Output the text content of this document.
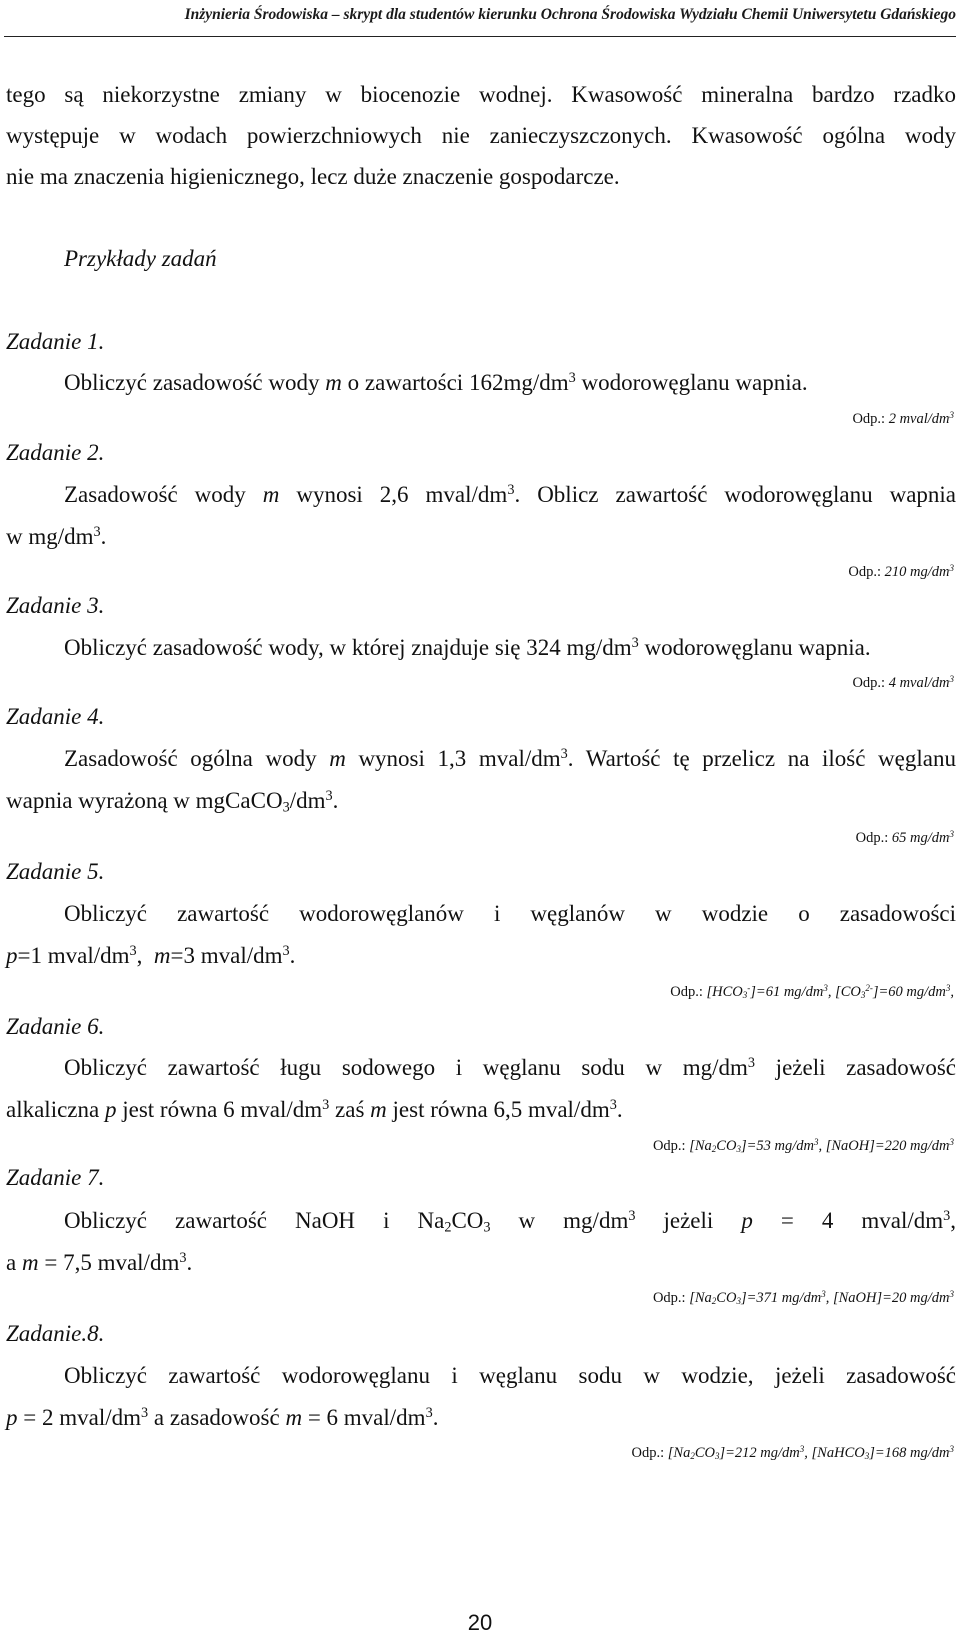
Inżynieria Środowiska – skrypt dla studentów kierunku Ochrona Środowiska Wydziału Chemii Uniwersytetu Gdańskiego
tego są niekorzystne zmiany w biocenozie wodnej. Kwasowość mineralna bardzo rzadko
występuje w wodach powierzchniowych nie zanieczyszczonych. Kwasowość ogólna wody
nie ma znaczenia higienicznego, lecz duże znaczenie gospodarcze.
Przykłady zadań
Zadanie 1.
Obliczyć zasadowość wody m o zawartości $162mg/dm^3$ wodorowęglanu wapnia.
Odp.: 2 mval/$dm^3$
Zadanie 2.
Zasadowość wody m wynosi 2,6 mval/$dm^3$. Oblicz zawartość wodorowęglanu wapnia
w $mg/dm^3$.
Odp.: 210 $mg/dm^3$
Zadanie 3.
Obliczyć zasadowość wody, w której znajduje się 324 $mg/dm^3$ wodorowęglanu wapnia.
Odp.: 4 mval/$dm^3$
Zadanie 4.
Zasadowość ogólna wody m wynosi 1,3 mval/$dm^3$. Wartość tę przelicz na ilość węglanu
wapnia wyrażoną w $mgCaCO_3/dm^3$.
Odp.: 65 $mg/dm^3$
Zadanie 5.
Obliczyć zawartość wodorowęglanów i węglanów w wodzie o zasadowości
p=1 mval/$dm^3$,  m=3 mval/$dm^3$.
Odp.: $[HCO_3^-]=61$ $mg/dm^3$, $[CO_3^{2-}]=60$ $mg/dm^3$,
Zadanie 6.
Obliczyć zawartość ługu sodowego i węglanu sodu w $mg/dm^3$ jeżeli zasadowość
alkaliczna p jest równa 6 mval/$dm^3$ zaś m jest równa 6,5 mval/$dm^3$.
Odp.: $[Na_2CO_3]=53$ $mg/dm^3$, [NaOH]=220 $mg/dm^3$
Zadanie 7.
Obliczyć zawartość NaOH i $Na_2CO_3$ w $mg/dm^3$ jeżeli p = 4 mval/$dm^3$,
a m = 7,5 mval/$dm^3$.
Odp.: $[Na_2CO_3]=371$ $mg/dm^3$, [NaOH]=20 $mg/dm^3$
Zadanie.8.
Obliczyć zawartość wodorowęglanu i węglanu sodu w wodzie, jeżeli zasadowość
p = 2 mval/$dm^3$ a zasadowość m = 6 mval/$dm^3$.
Odp.: $[Na_2CO_3]=212$ $mg/dm^3$, [NaHCO$_3$]=168 $mg/dm^3$
20
